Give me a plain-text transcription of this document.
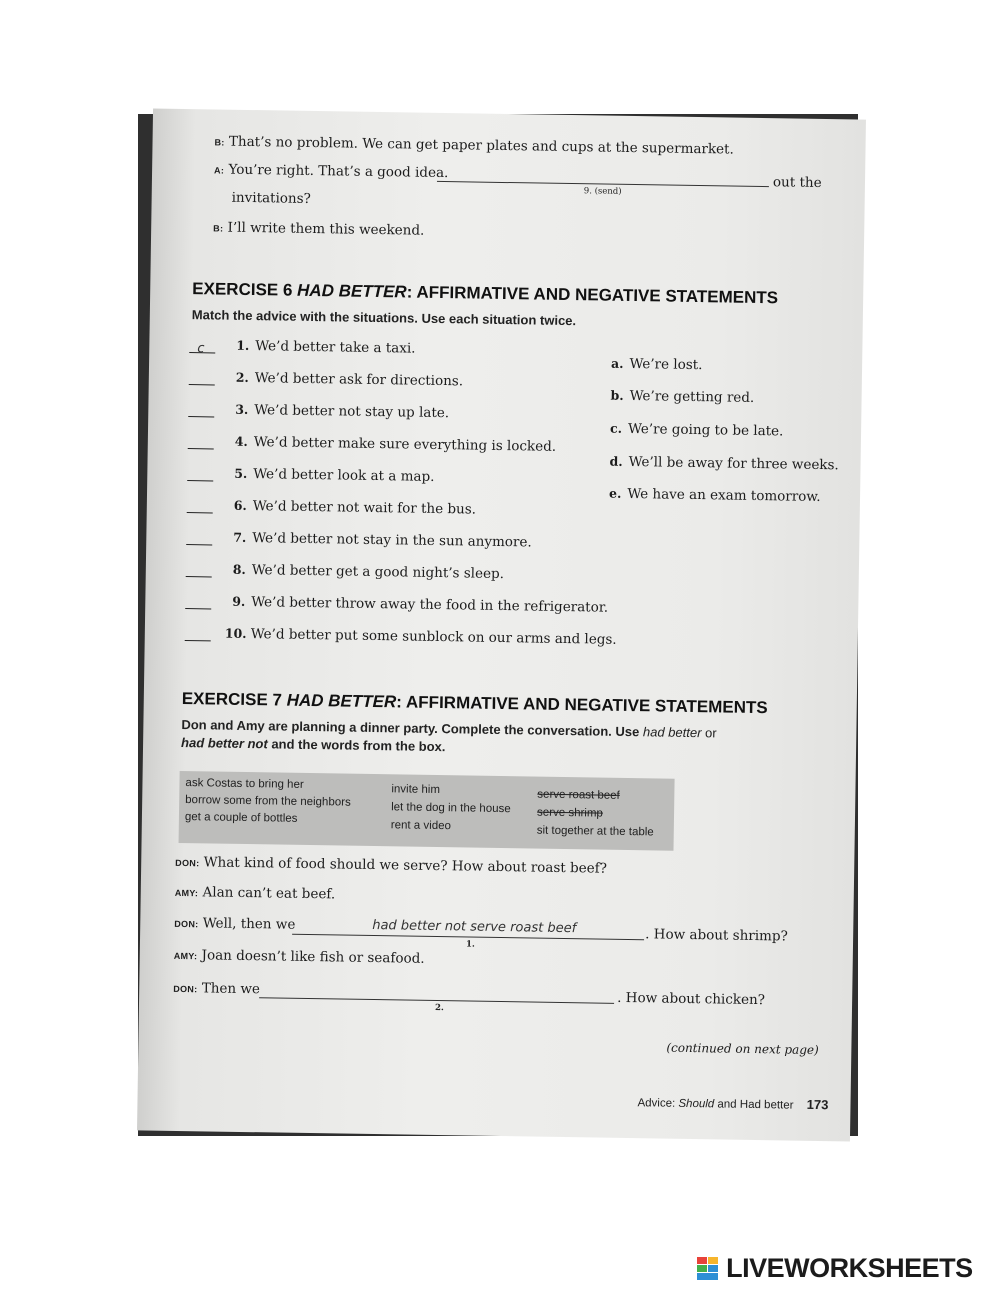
B: That’s no problem. We can get paper plates and cups at the supermarket.
A: You’re right. That’s a good idea.
9. (send)
out the
invitations?
B: I’ll write them this weekend.
EXERCISE 6 HAD BETTER: AFFIRMATIVE AND NEGATIVE STATEMENTS
Match the advice with the situations. Use each situation twice.
c	1. We’d better take a taxi.
2. We’d better ask for directions.
3. We’d better not stay up late.
4. We’d better make sure everything is locked.
5. We’d better look at a map.
6. We’d better not wait for the bus.
7. We’d better not stay in the sun anymore.
8. We’d better get a good night’s sleep.
9. We’d better throw away the food in the refrigerator.
10. We’d better put some sunblock on our arms and legs.
a. We’re lost.
b. We’re getting red.
c. We’re going to be late.
d. We’ll be away for three weeks.
e. We have an exam tomorrow.
EXERCISE 7 HAD BETTER: AFFIRMATIVE AND NEGATIVE STATEMENTS
Don and Amy are planning a dinner party. Complete the conversation. Use had better or
had better not and the words from the box.
ask Costas to bring her
borrow some from the neighbors
get a couple of bottles
invite him
let the dog in the house
rent a video
serve roast beef
serve shrimp
sit together at the table
DON: What kind of food should we serve? How about roast beef?
AMY: Alan can’t eat beef.
DON: Well, then we	had better not serve roast beef
1.
. How about shrimp?
AMY: Joan doesn’t like fish or seafood.
DON: Then we
2.	. How about chicken?
(continued on next page)
Advice: Should and Had better 173
LIVEWORKSHEETS
